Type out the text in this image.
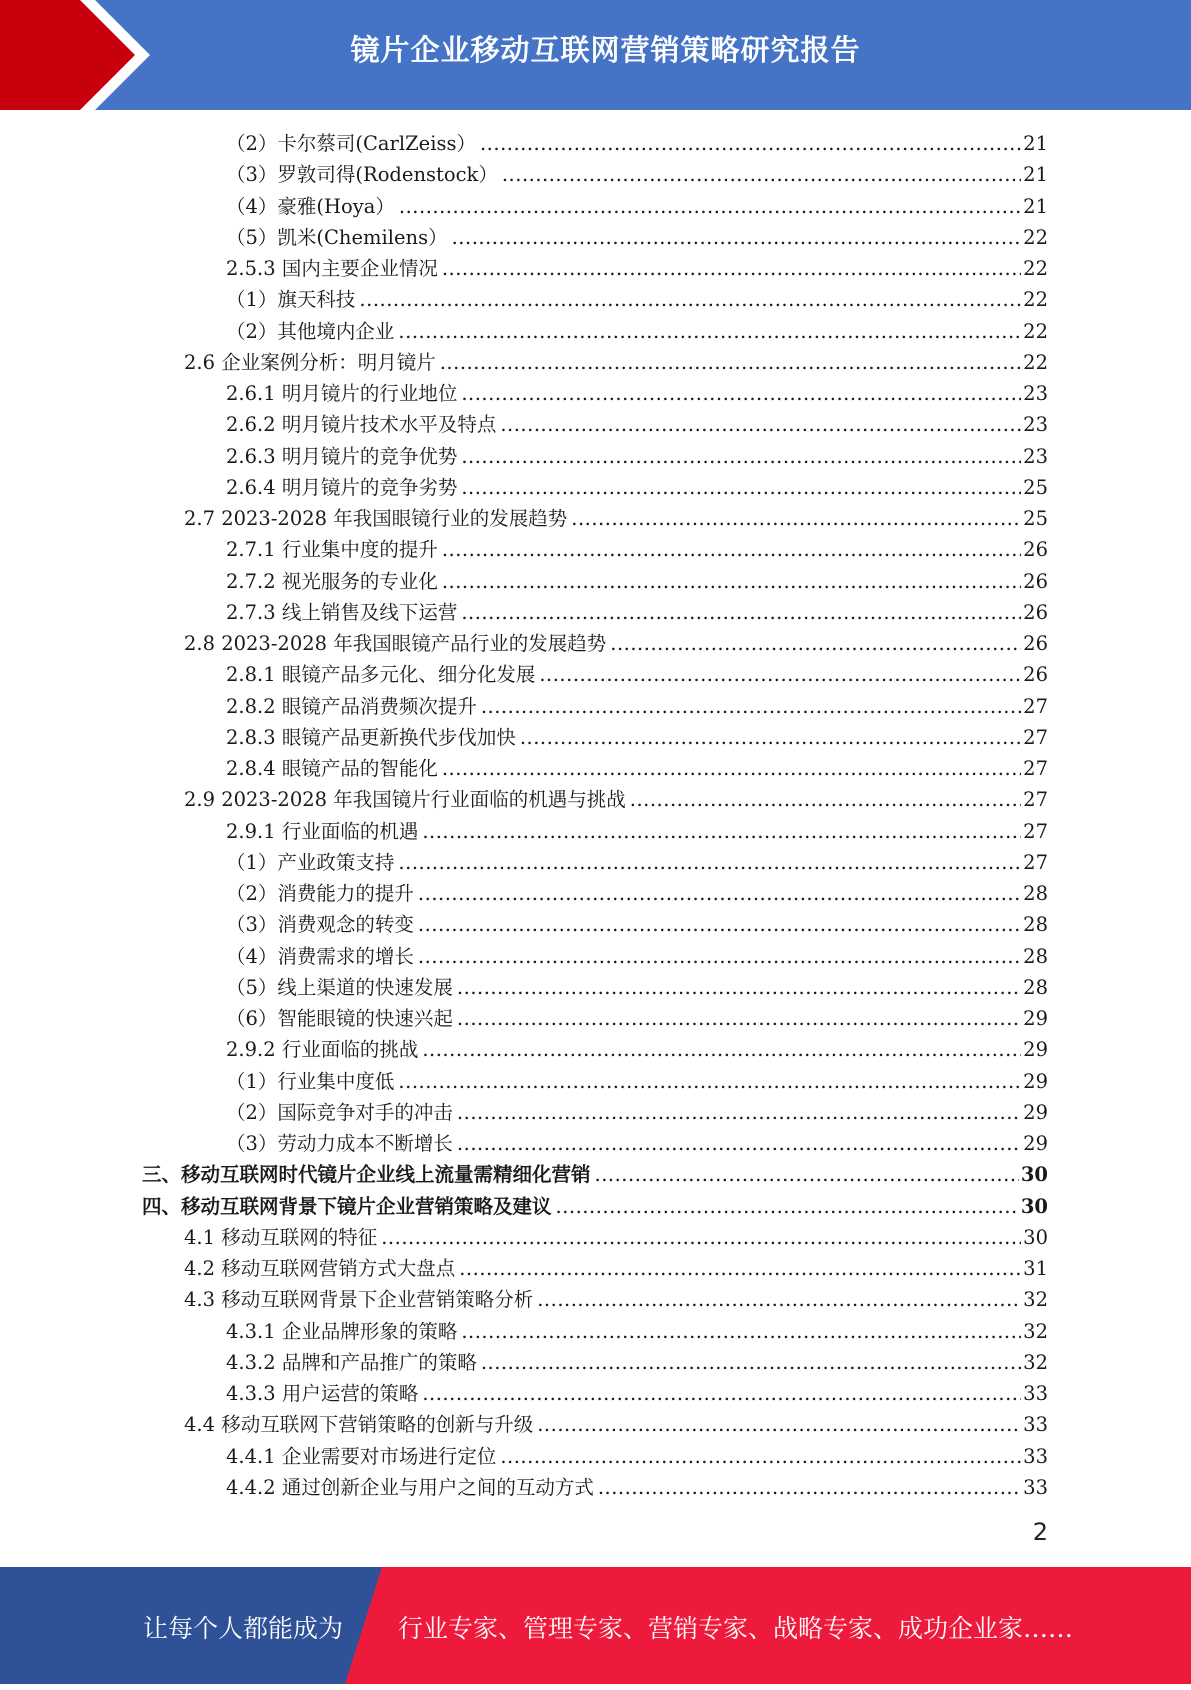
镜片企业移动互联网营销策略研究报告
（2）卡尔蔡司(CarlZeiss） .....	21
（3）罗敦司得(Rodenstock） .....	21
（4）豪雅(Hoya） .....	21
（5）凯米(Chemilens） .....	22
2.5.3 国内主要企业情况 .....	22
（1）旗天科技 .....	22
（2）其他境内企业 .....	22
2.6 企业案例分析：明月镜片 .....	22
2.6.1 明月镜片的行业地位 .....	23
2.6.2 明月镜片技术水平及特点 .....	23
2.6.3 明月镜片的竞争优势 .....	23
2.6.4 明月镜片的竞争劣势 .....	25
2.7 2023-2028 年我国眼镜行业的发展趋势 .....	25
2.7.1 行业集中度的提升 .....	26
2.7.2 视光服务的专业化 .....	26
2.7.3 线上销售及线下运营 .....	26
2.8 2023-2028 年我国眼镜产品行业的发展趋势 .....	26
2.8.1 眼镜产品多元化、细分化发展 .....	26
2.8.2 眼镜产品消费频次提升 .....	27
2.8.3 眼镜产品更新换代步伐加快 .....	27
2.8.4 眼镜产品的智能化 .....	27
2.9 2023-2028 年我国镜片行业面临的机遇与挑战 .....	27
2.9.1 行业面临的机遇 .....	27
（1）产业政策支持 .....	27
（2）消费能力的提升 .....	28
（3）消费观念的转变 .....	28
（4）消费需求的增长 .....	28
（5）线上渠道的快速发展 .....	28
（6）智能眼镜的快速兴起 .....	29
2.9.2 行业面临的挑战 .....	29
（1）行业集中度低 .....	29
（2）国际竞争对手的冲击 .....	29
（3）劳动力成本不断增长 .....	29
三、移动互联网时代镜片企业线上流量需精细化营销 .....	30
四、移动互联网背景下镜片企业营销策略及建议 .....	30
4.1 移动互联网的特征 .....	30
4.2 移动互联网营销方式大盘点 .....	31
4.3 移动互联网背景下企业营销策略分析 .....	32
4.3.1 企业品牌形象的策略 .....	32
4.3.2 品牌和产品推广的策略 .....	32
4.3.3 用户运营的策略 .....	33
4.4 移动互联网下营销策略的创新与升级 .....	33
4.4.1 企业需要对市场进行定位 .....	33
4.4.2 通过创新企业与用户之间的互动方式 .....	33
2
让每个人都能成为 行业专家、管理专家、营销专家、战略专家、成功企业家……
